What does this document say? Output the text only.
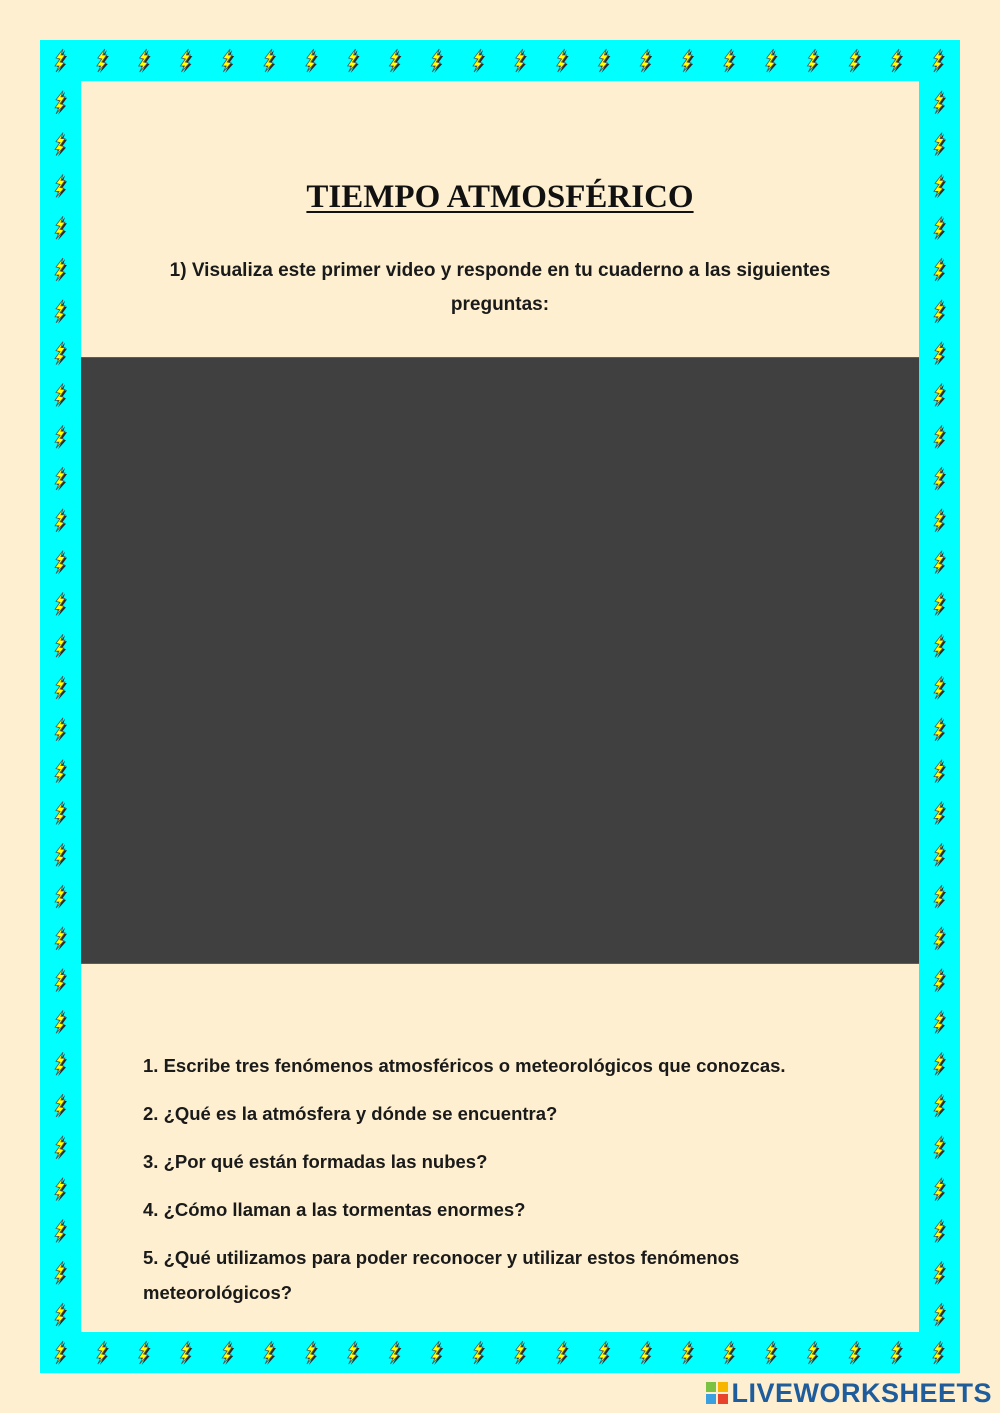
TIEMPO ATMOSFÉRICO

1) Visualiza este primer video y responde en tu cuaderno a las siguientes preguntas:

1. Escribe tres fenómenos atmosféricos o meteorológicos que conozcas.
2. ¿Qué es la atmósfera y dónde se encuentra?
3. ¿Por qué están formadas las nubes?
4. ¿Cómo llaman a las tormentas enormes?
5. ¿Qué utilizamos para poder reconocer y utilizar estos fenómenos meteorológicos?
LIVEWORKSHEETS
